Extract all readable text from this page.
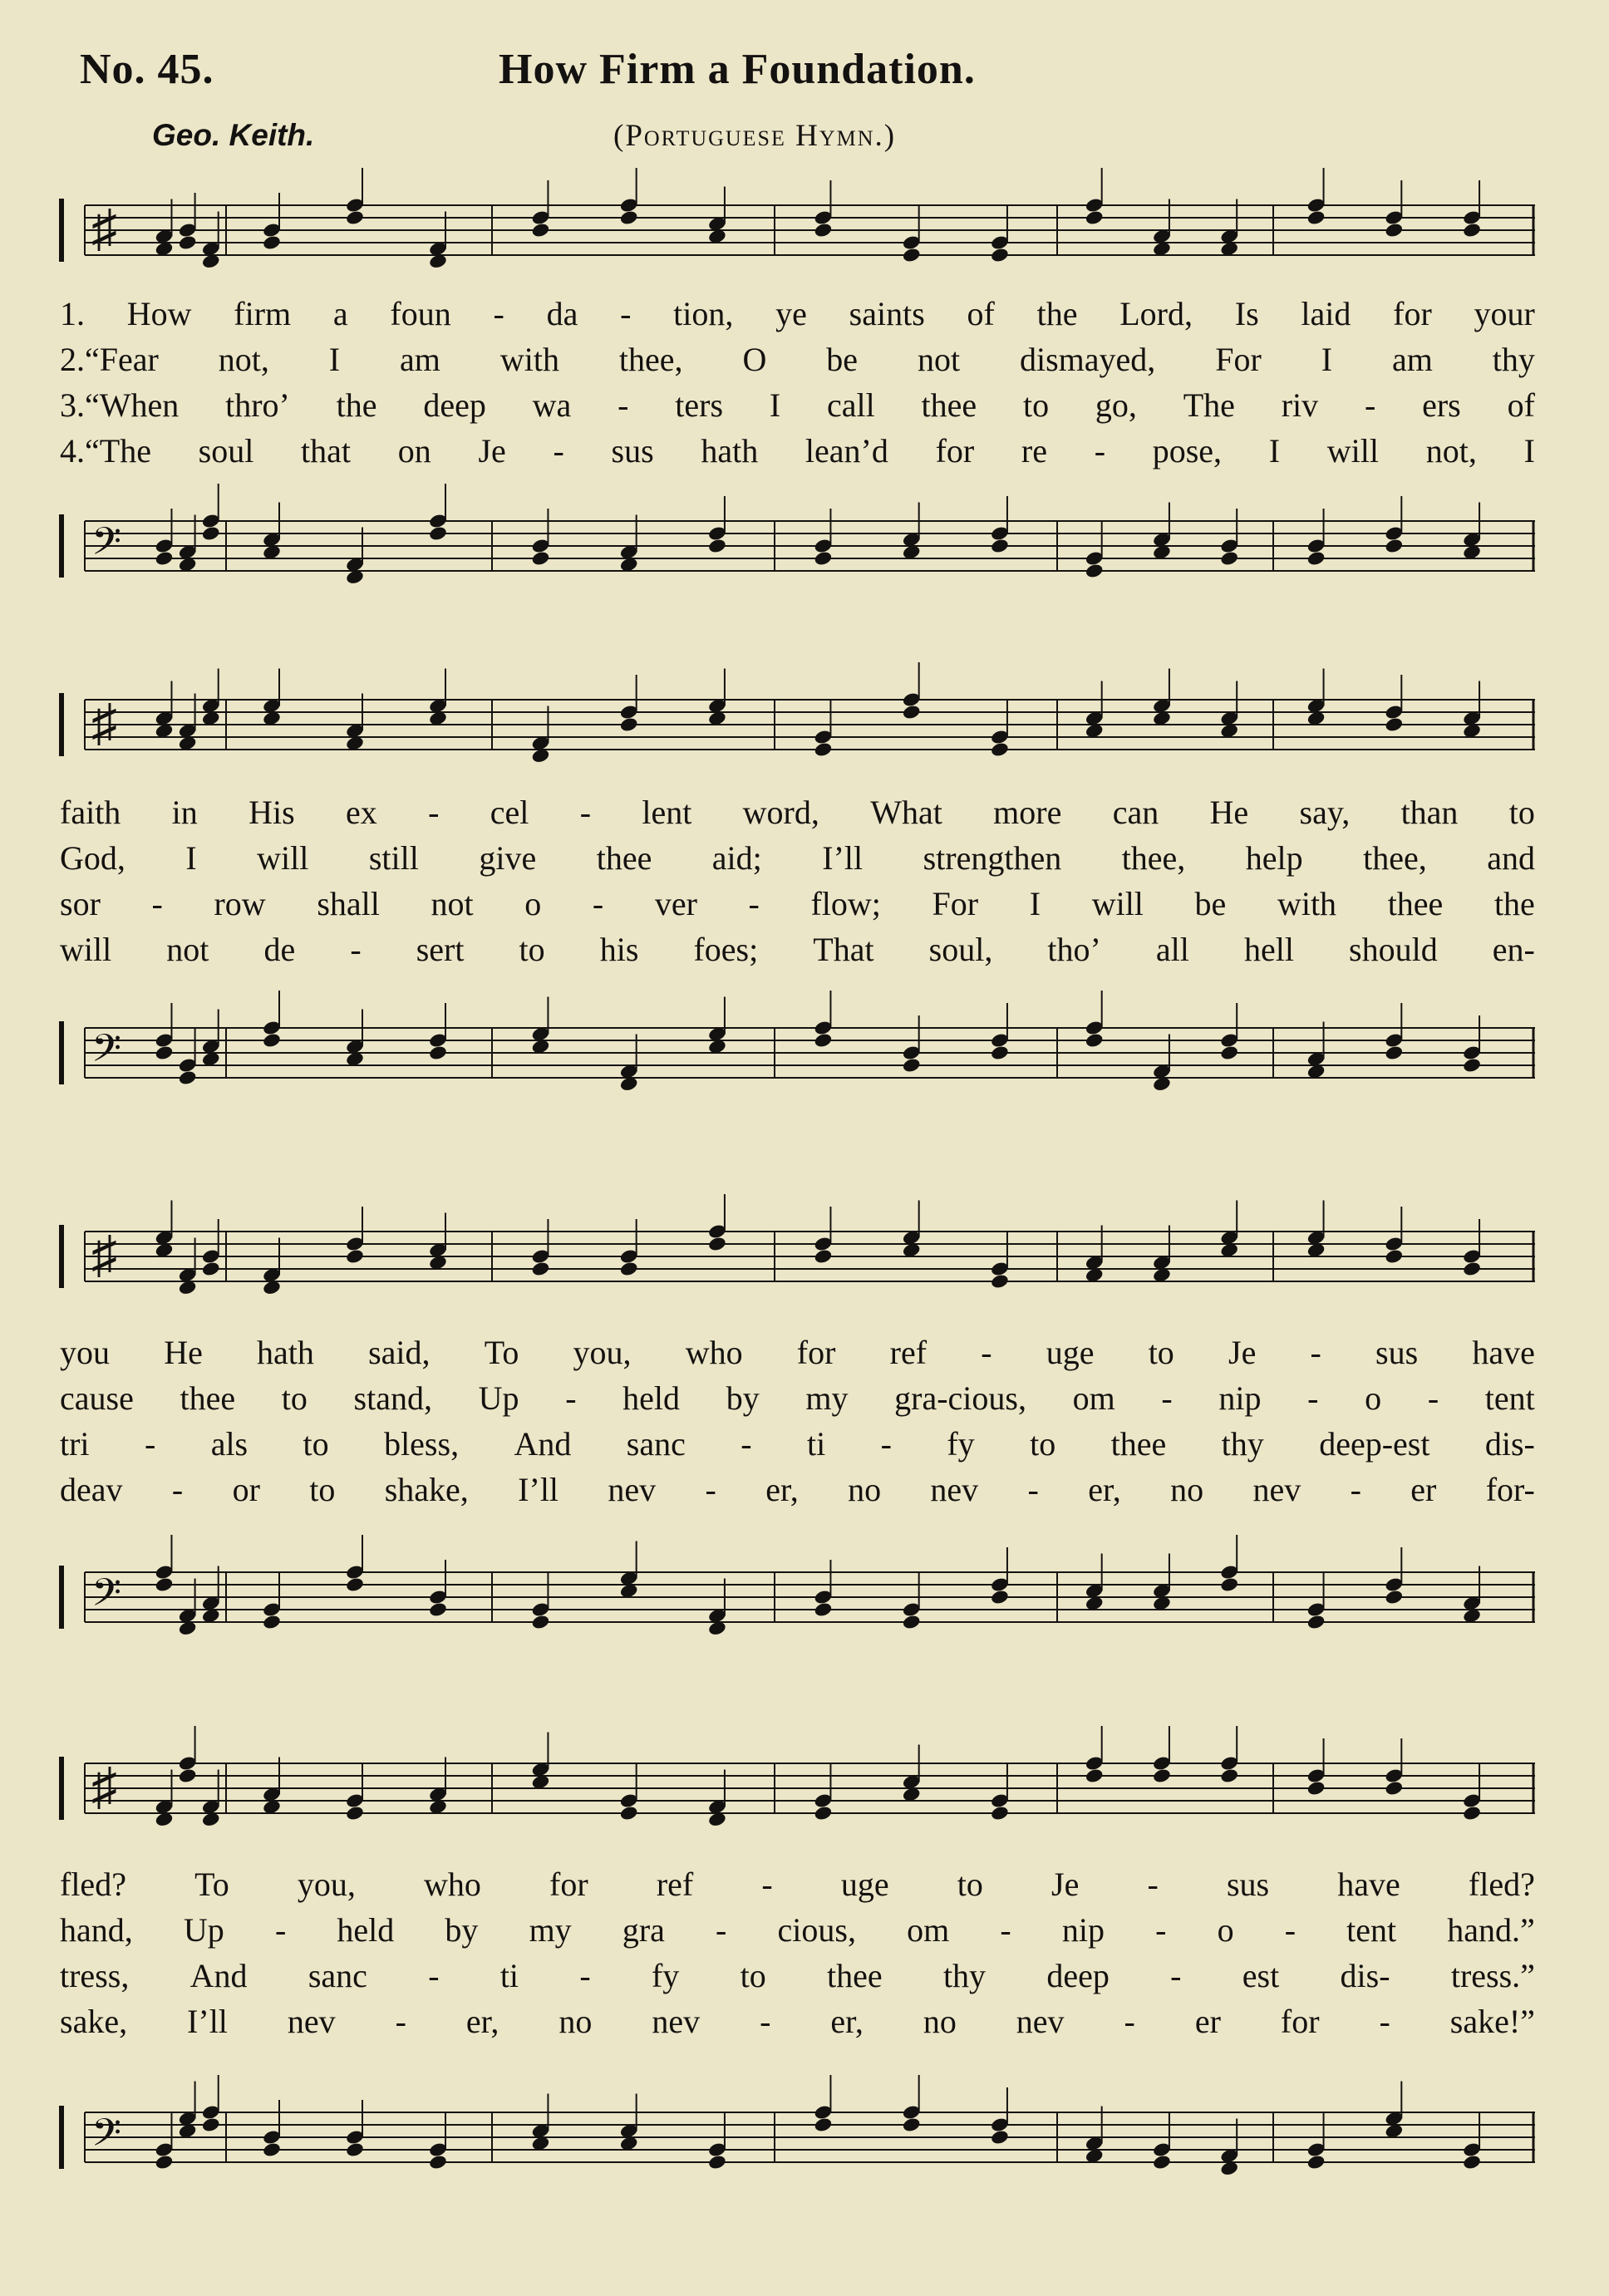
No. 45.	How Firm a Foundation.
Geo. Keith.	(Portuguese Hymn.)
♯
1. How firm a foun - da - tion, ye saints of the Lord, Is laid for your
2.“Fear not, I am with thee, O be not dismayed, For I am thy
3.“When thro’ the deep wa - ters I call thee to go, The riv - ers of
4.“The soul that on Je - sus hath lean’d for re - pose, I will not, I
𝄢
♯
faith in His ex - cel - lent word, What more can He say, than to
God, I will still give thee aid; I’ll strengthen thee, help thee, and
sor - row shall not o - ver - flow; For I will be with thee the
will not de - sert to his foes; That soul, tho’ all hell should en-
𝄢
♯
you He hath said, To you, who for ref - uge to Je - sus have
cause thee to stand, Up - held by my gra-cious, om - nip - o - tent
tri - als to bless, And sanc - ti - fy to thee thy deep-est dis-
deav - or to shake, I’ll nev - er, no nev - er, no nev - er for-
𝄢
♯
fled? To you, who for ref - uge to Je - sus have fled?
hand, Up - held by my gra - cious, om - nip - o - tent hand.”
tress, And sanc - ti - fy to thee thy deep - est dis- tress.”
sake, I’ll nev - er, no nev - er, no nev - er for - sake!”
𝄢
